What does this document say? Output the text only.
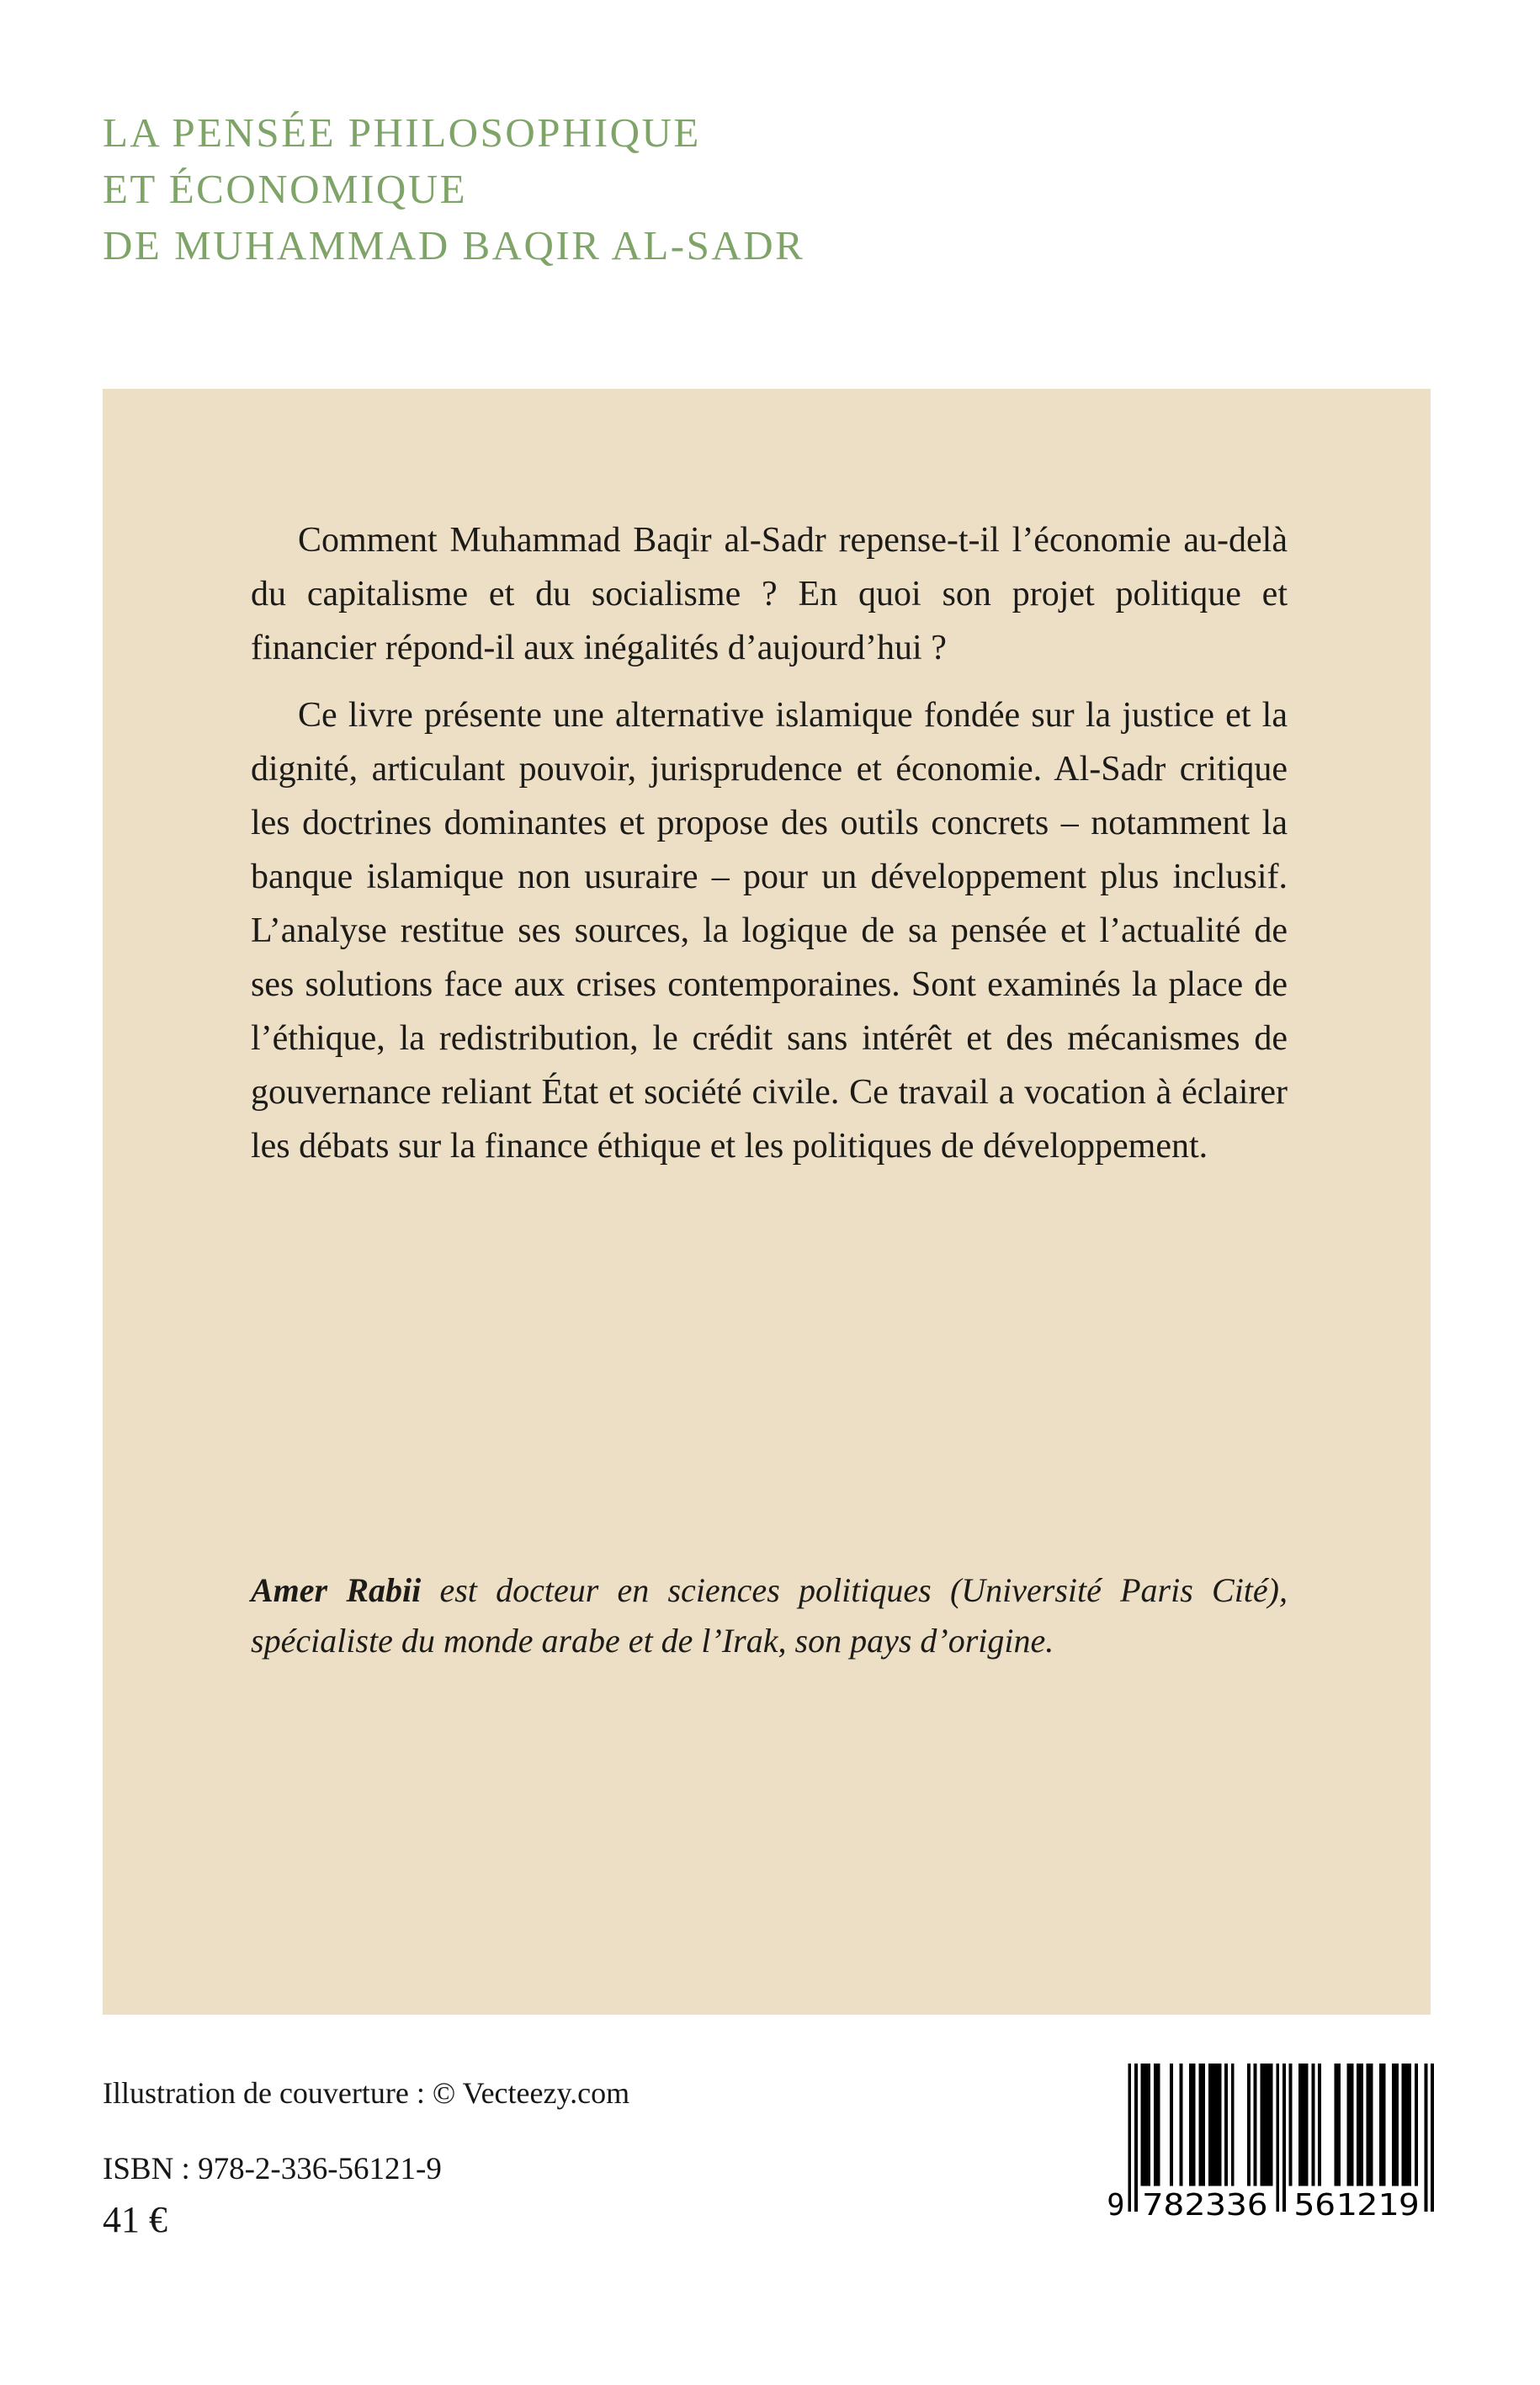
LA PENSÉE PHILOSOPHIQUE
ET ÉCONOMIQUE
DE MUHAMMAD BAQIR AL-SADR

Comment Muhammad Baqir al-Sadr repense-t-il l’économie au-delà du capitalisme et du socialisme ? En quoi son projet politique et financier répond-il aux inégalités d’aujourd’hui ?

Ce livre présente une alternative islamique fondée sur la justice et la dignité, articulant pouvoir, jurisprudence et économie. Al-Sadr critique les doctrines dominantes et propose des outils concrets – notamment la banque islamique non usuraire – pour un développement plus inclusif. L’analyse restitue ses sources, la logique de sa pensée et l’actualité de ses solutions face aux crises contemporaines. Sont examinés la place de l’éthique, la redistribution, le crédit sans intérêt et des mécanismes de gouvernance reliant État et société civile. Ce travail a vocation à éclairer les débats sur la finance éthique et les politiques de développement.

Amer Rabii est docteur en sciences politiques (Université Paris Cité), spécialiste du monde arabe et de l’Irak, son pays d’origine.

Illustration de couverture : © Vecteezy.com
ISBN : 978-2-336-56121-9
41 €	9 782336	561219
